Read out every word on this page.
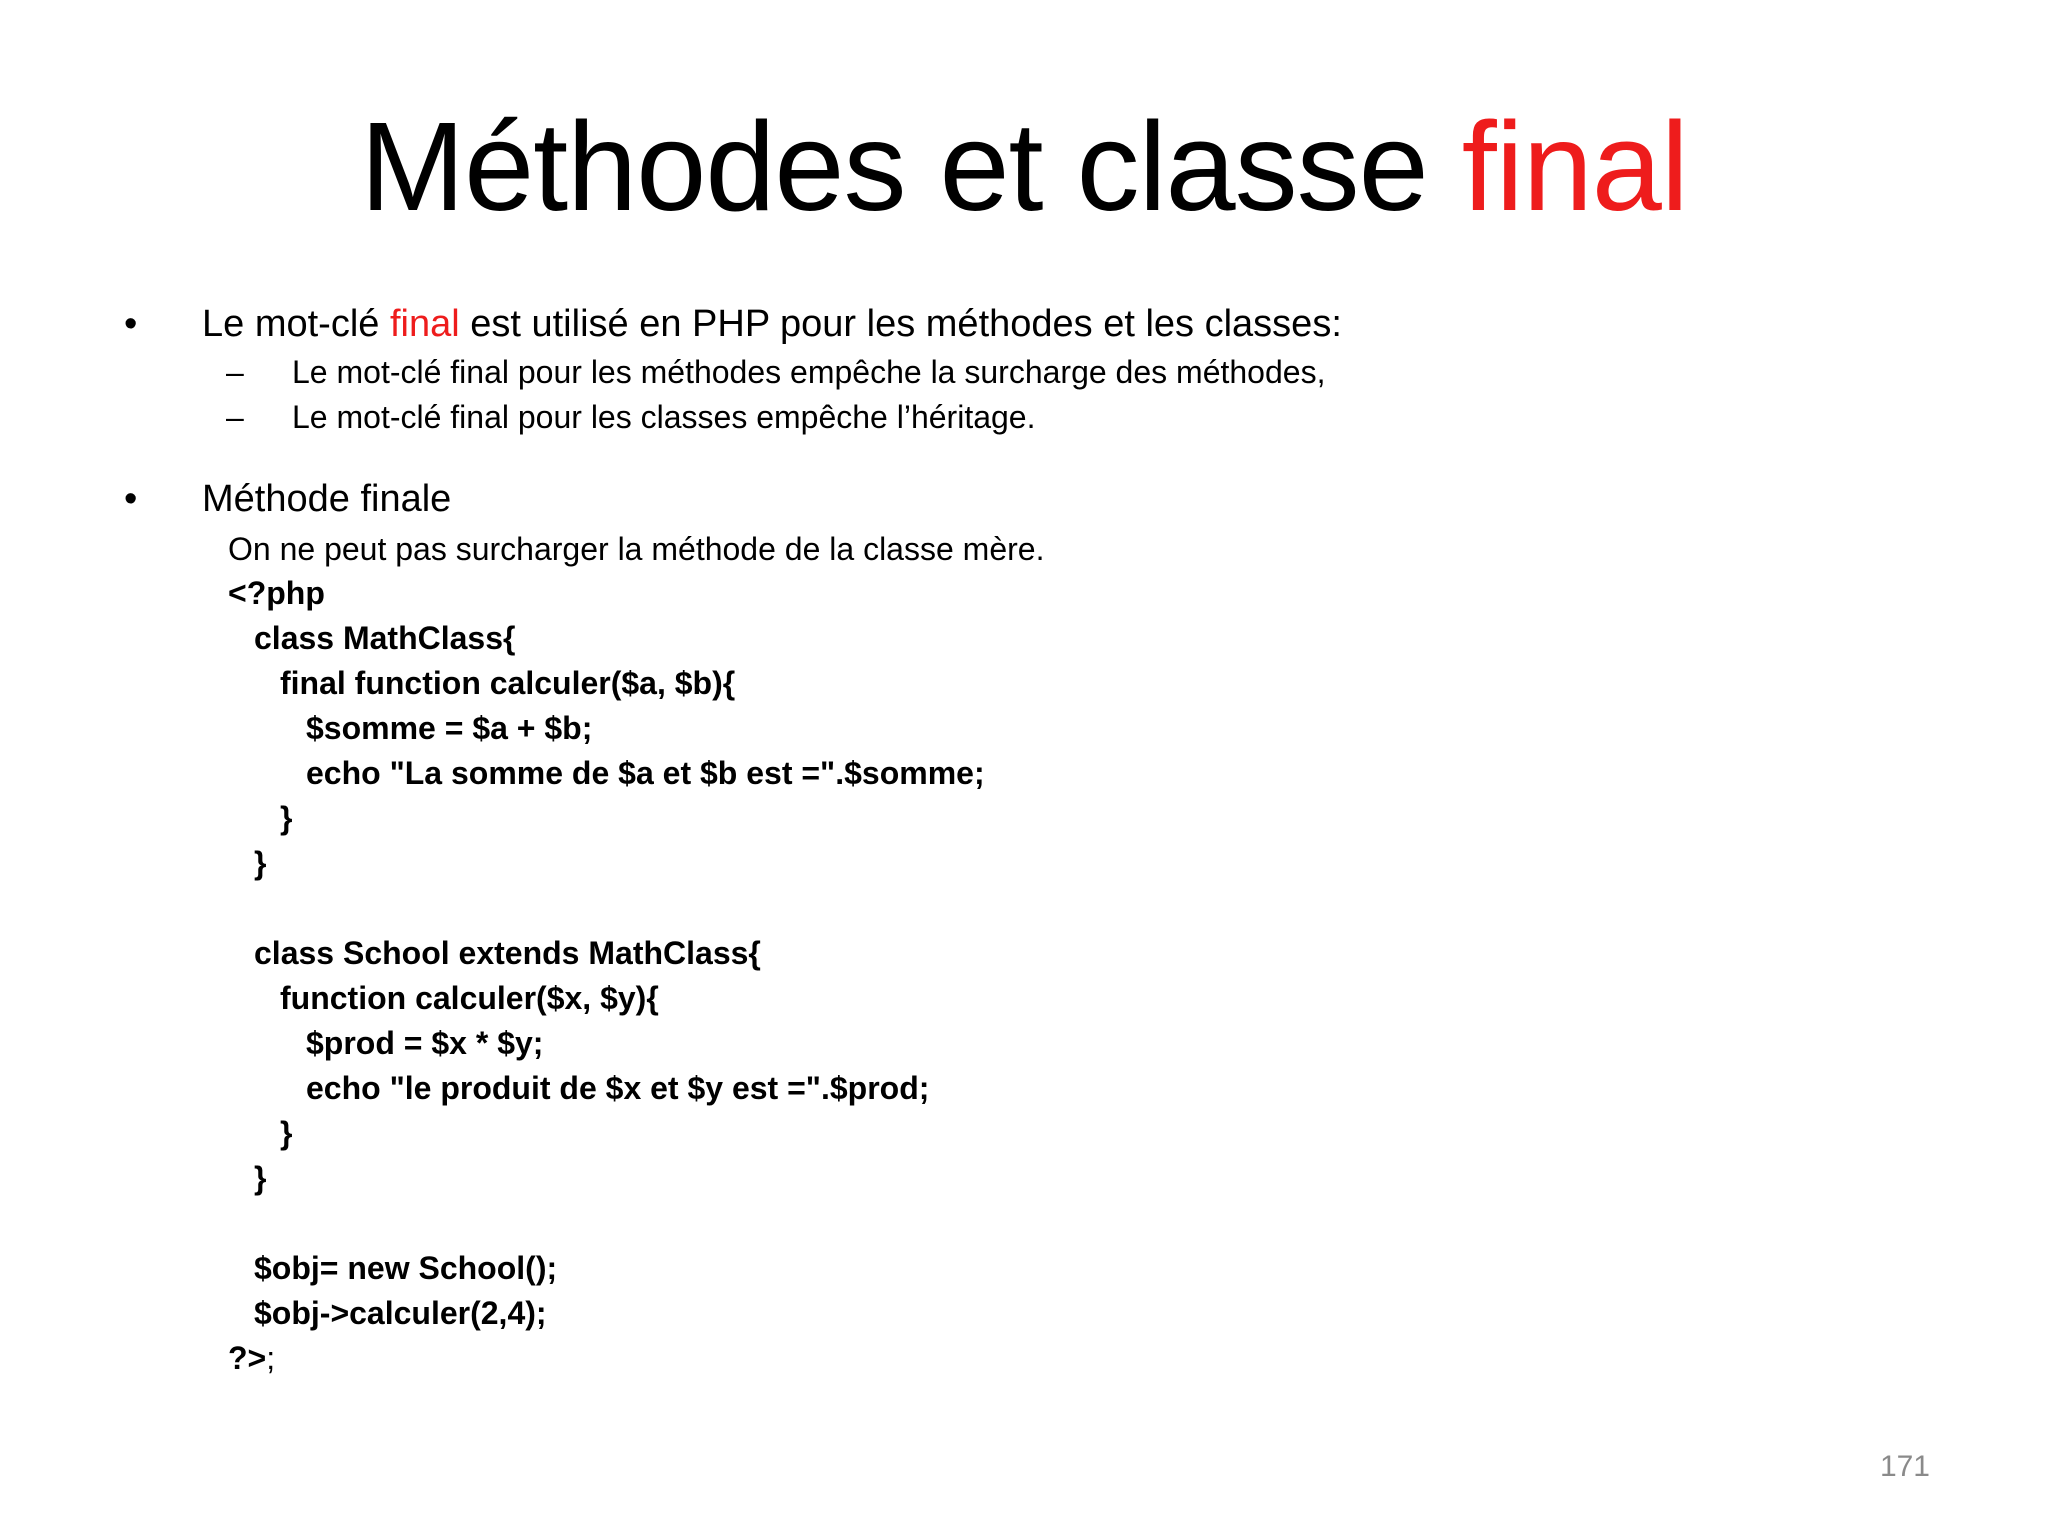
Méthodes et classe final
• Le mot-clé final est utilisé en PHP pour les méthodes et les classes:
– Le mot-clé final pour les méthodes empêche la surcharge des méthodes,
– Le mot-clé final pour les classes empêche l’héritage.
• Méthode finale
On ne peut pas surcharger la méthode de la classe mère.
<?php
class MathClass{
final function calculer($a, $b){
$somme = $a + $b;
echo "La somme de $a et $b est =".$somme;
}
}
class School extends MathClass{
function calculer($x, $y){
$prod = $x * $y;
echo "le produit de $x et $y est =".$prod;
}
}
$obj= new School();
$obj->calculer(2,4);
?>;
171
